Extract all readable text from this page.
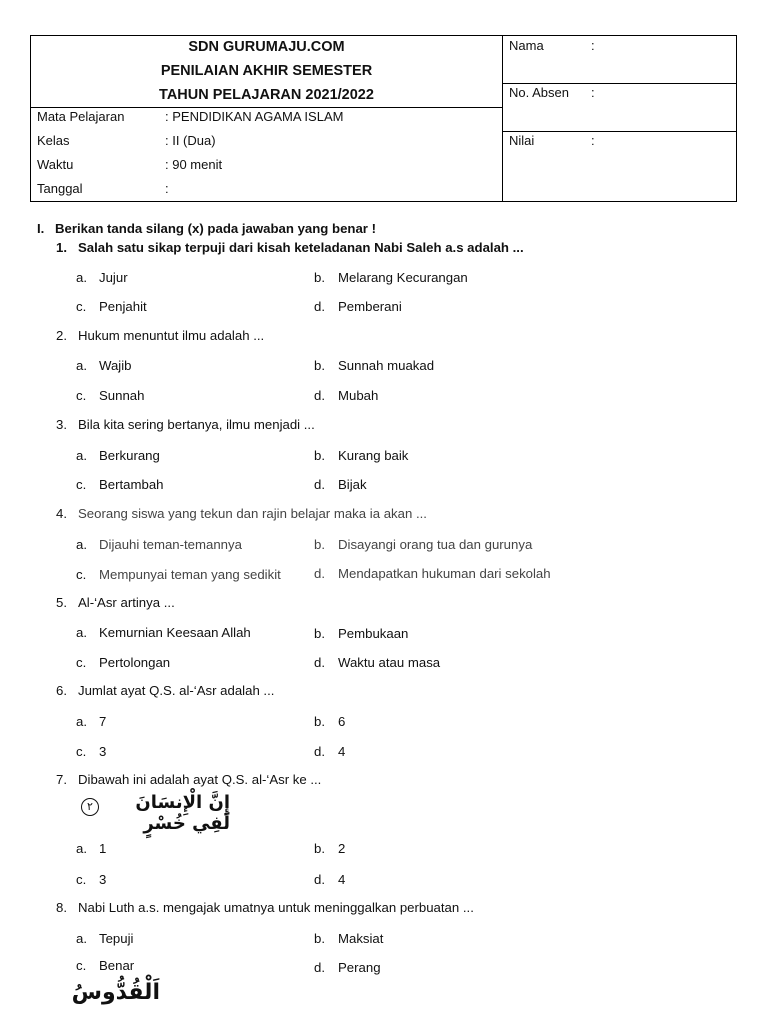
SDN GURUMAJU.COM
PENILAIAN AKHIR SEMESTER
TAHUN PELAJARAN 2021/2022
Mata Pelajaran	: PENDIDIKAN AGAMA ISLAM
Kelas	: II (Dua)
Waktu	: 90 menit
Tanggal	:
Nama	:
No. Absen :
Nilai	:
I. Berikan tanda silang (x) pada jawaban yang benar !
1. Salah satu sikap terpuji dari kisah keteladanan Nabi Saleh a.s adalah ...
a. Jujur	b. Melarang Kecurangan
c. Penjahit	d. Pemberani
2. Hukum menuntut ilmu adalah ...
a. Wajib	b. Sunnah muakad
c. Sunnah	d. Mubah
3. Bila kita sering bertanya, ilmu menjadi ...
a. Berkurang	b. Kurang baik
c. Bertambah	d. Bijak
4. Seorang siswa yang tekun dan rajin belajar maka ia akan ...
a. Dijauhi teman-temannya	b. Disayangi orang tua dan gurunya
c. Mempunyai teman yang sedikit	d. Mendapatkan hukuman dari sekolah
5. Al-‘Asr artinya ...
a. Kemurnian Keesaan Allah	b. Pembukaan
c. Pertolongan	d. Waktu atau masa
6. Jumlat ayat Q.S. al-‘Asr adalah ...
a. 7	b. 6
c. 3	d. 4
7. Dibawah ini adalah ayat Q.S. al-‘Asr ke ...
إِنَّ الْإِنسَانَ لَفِي خُسْرٍ
٢
a. 1	b. 2
c. 3	d. 4
8. Nabi Luth a.s. mengajak umatnya untuk meninggalkan perbuatan ...
a. Tepuji	b. Maksiat
c. Benar	d. Perang
اَلْقُدُّوسُ
